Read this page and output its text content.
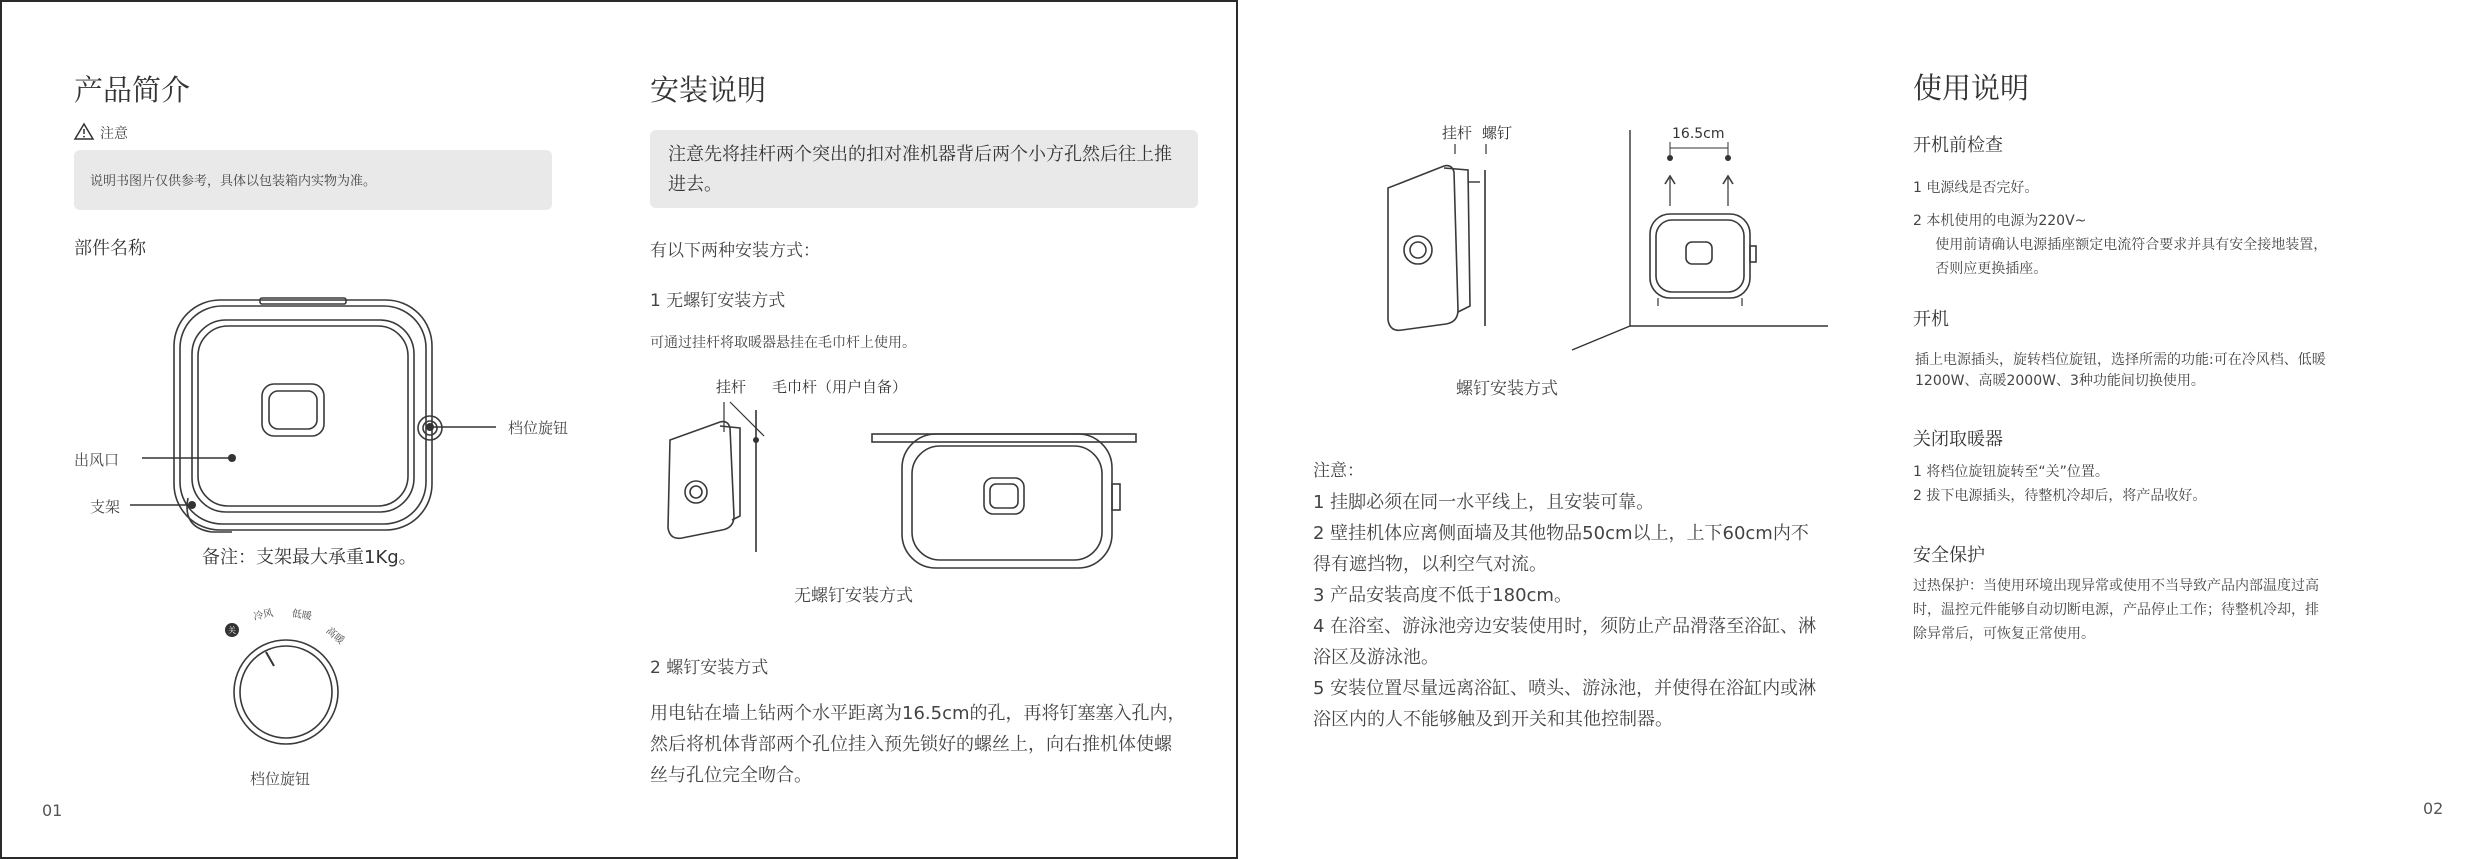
产品简介
注意
说明书图片仅供参考，具体以包装箱内实物为准。
部件名称
出风口
支架
档位旋钮
备注：支架最大承重1Kg。
关
冷风 低暖
高暖
档位旋钮
安装说明
注意先将挂杆两个突出的扣对准机器背后两个小方孔然后往上推进去。
有以下两种安装方式：
1 无螺钉安装方式
可通过挂杆将取暖器悬挂在毛巾杆上使用。
挂杆 毛巾杆（用户自备）
无螺钉安装方式
2 螺钉安装方式
用电钻在墙上钻两个水平距离为16.5cm的孔，再将钉塞塞入孔内，
然后将机体背部两个孔位挂入预先锁好的螺丝上，向右推机体使螺
丝与孔位完全吻合。
01
挂杆 螺钉	16.5cm
螺钉安装方式
注意：
1 挂脚必须在同一水平线上，且安装可靠。
2 壁挂机体应离侧面墙及其他物品50cm以上，上下60cm内不
得有遮挡物，以利空气对流。
3 产品安装高度不低于180cm。
4 在浴室、游泳池旁边安装使用时，须防止产品滑落至浴缸、淋
浴区及游泳池。
5 安装位置尽量远离浴缸、喷头、游泳池，并使得在浴缸内或淋
浴区内的人不能够触及到开关和其他控制器。
使用说明
开机前检查
1 电源线是否完好。
2 本机使用的电源为220V~
使用前请确认电源插座额定电流符合要求并具有安全接地装置，
否则应更换插座。
开机
插上电源插头，旋转档位旋钮，选择所需的功能:可在冷风档、低暖
1200W、高暖2000W、3种功能间切换使用。
关闭取暖器
1 将档位旋钮旋转至“关”位置。
2 拔下电源插头，待整机冷却后，将产品收好。
安全保护
过热保护：当使用环境出现异常或使用不当导致产品内部温度过高
时，温控元件能够自动切断电源，产品停止工作；待整机冷却，排
除异常后，可恢复正常使用。
02
